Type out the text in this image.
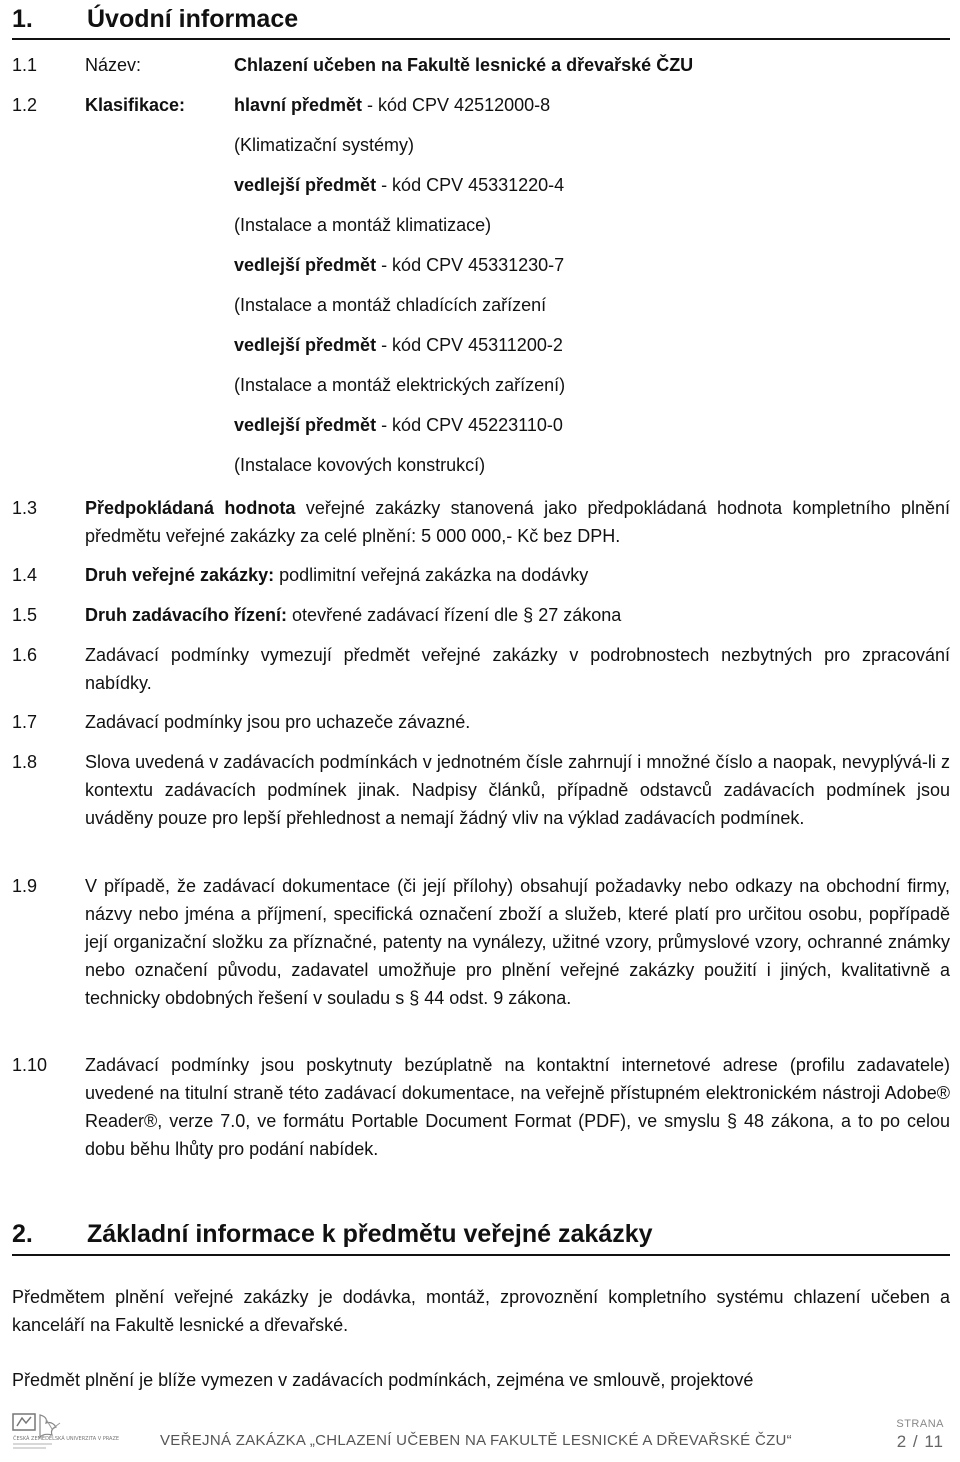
1. Úvodní informace
1.1	Název:	Chlazení učeben na Fakultě lesnické a dřevařské ČZU
1.2	Klasifikace:	hlavní předmět - kód CPV 42512000-8
(Klimatizační systémy)
vedlejší předmět - kód CPV 45331220-4
(Instalace a montáž klimatizace)
vedlejší předmět - kód CPV 45331230-7
(Instalace a montáž chladících zařízení
vedlejší předmět - kód CPV 45311200-2
(Instalace a montáž elektrických zařízení)
vedlejší předmět - kód CPV 45223110-0
(Instalace kovových konstrukcí)
1.3	Předpokládaná hodnota veřejné zakázky stanovená jako předpokládaná hodnota kompletního plnění předmětu veřejné zakázky za celé plnění: 5 000 000,- Kč bez DPH.
1.4	Druh veřejné zakázky: podlimitní veřejná zakázka na dodávky
1.5	Druh zadávacího řízení: otevřené zadávací řízení dle § 27 zákona
1.6	Zadávací podmínky vymezují předmět veřejné zakázky v podrobnostech nezbytných pro zpracování nabídky.
1.7	Zadávací podmínky jsou pro uchazeče závazné.
1.8	Slova uvedená v zadávacích podmínkách v jednotném čísle zahrnují i množné číslo a naopak, nevyplývá-li z kontextu zadávacích podmínek jinak. Nadpisy článků, případně odstavců zadávacích podmínek jsou uváděny pouze pro lepší přehlednost a nemají žádný vliv na výklad zadávacích podmínek.
1.9	V případě, že zadávací dokumentace (či její přílohy) obsahují požadavky nebo odkazy na obchodní firmy, názvy nebo jména a příjmení, specifická označení zboží a služeb, které platí pro určitou osobu, popřípadě její organizační složku za příznačné, patenty na vynálezy, užitné vzory, průmyslové vzory, ochranné známky nebo označení původu, zadavatel umožňuje pro plnění veřejné zakázky použití i jiných, kvalitativně a technicky obdobných řešení v souladu s § 44 odst. 9 zákona.
1.10 Zadávací podmínky jsou poskytnuty bezúplatně na kontaktní internetové adrese (profilu zadavatele) uvedené na titulní straně této zadávací dokumentace, na veřejně přístupném elektronickém nástroji Adobe® Reader®, verze 7.0, ve formátu Portable Document Format (PDF), ve smyslu § 48 zákona, a to po celou dobu běhu lhůty pro podání nabídek.
2. Základní informace k předmětu veřejné zakázky
Předmětem plnění veřejné zakázky je dodávka, montáž, zprovoznění kompletního systému chlazení učeben a kanceláří na Fakultě lesnické a dřevařské.
Předmět plnění je blíže vymezen v zadávacích podmínkách, zejména ve smlouvě, projektové
ČESKÁ ZEMĚDĚLSKÁ UNIVERZITA V PRAZE	VEŘEJNÁ ZAKÁZKA „CHLAZENÍ UČEBEN NA FAKULTĚ LESNICKÉ A DŘEVAŘSKÉ ČZU“
STRANA
2 / 11
